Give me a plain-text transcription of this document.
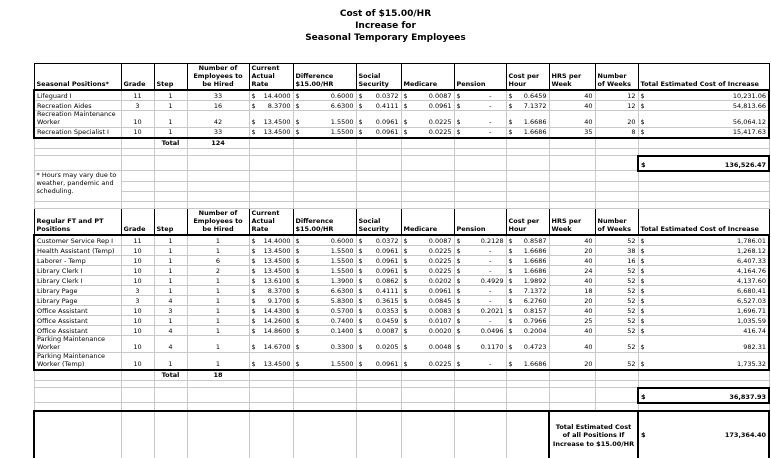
Cost of $15.00/HR
Increase for
Seasonal Temporary Employees
Seasonal Positions*	Grade	Step	Number of Employees to be Hired	Current Actual Rate	Difference $15.00/HR	Social Security	Medicare	Pension	Cost per Hour	HRS per Week	Number of Weeks	Total Estimated Cost of Increase
Lifeguard I	11	1	33	$ 14.4000	$ 0.6000	$ 0.0372	$ 0.0087	$ -	$ 0.6459	40	12	$ 10,231.06

Recreation Aides	3	1	16	$ 8.3700	$ 6.6300	$ 0.4111	$ 0.0961	$ -	$ 7.1372	40	12	$ 54,813.66

Recreation Maintenance Worker	10	1	42	$ 13.4500	$ 1.5500	$ 0.0961	$ 0.0225	$ -	$ 1.6686	40	20	$ 56,064.12

Recreation Specialist I	10	1	33	$ 13.4500	$ 1.5500	$ 0.0961	$ 0.0225	$ -	$ 1.6686	35	8	$ 15,417.63

		Total	124									

												$ 136,526.47

* Hours may vary due to weather, pandemic and scheduling.												

Regular FT and PT Positions	Grade	Step	Number of Employees to be Hired	Current Actual Rate	Difference $15.00/HR	Social Security	Medicare	Pension	Cost per Hour	HRS per Week	Number of Weeks	Total Estimated Cost of Increase
Customer Service Rep I	11	1	1	$ 14.4000	$ 0.6000	$ 0.0372	$ 0.0087	$ 0.2128	$ 0.8587	40	52	$ 1,786.01

Health Assistant (Temp)	10	1	1	$ 13.4500	$ 1.5500	$ 0.0961	$ 0.0225	$ -	$ 1.6686	20	38	$ 1,268.12

Laborer - Temp	10	1	6	$ 13.4500	$ 1.5500	$ 0.0961	$ 0.0225	$ -	$ 1.6686	40	16	$ 6,407.33

Library Clerk I	10	1	2	$ 13.4500	$ 1.5500	$ 0.0961	$ 0.0225	$ -	$ 1.6686	24	52	$ 4,164.76

Library Clerk I	10	1	1	$ 13.6100	$ 1.3900	$ 0.0862	$ 0.0202	$ 0.4929	$ 1.9892	40	52	$ 4,137.60

Library Page	3	1	1	$ 8.3700	$ 6.6300	$ 0.4111	$ 0.0961	$ -	$ 7.1372	18	52	$ 6,680.41

Library Page	3	4	1	$ 9.1700	$ 5.8300	$ 0.3615	$ 0.0845	$ -	$ 6.2760	20	52	$ 6,527.03

Office Assistant	10	3	1	$ 14.4300	$ 0.5700	$ 0.0353	$ 0.0083	$ 0.2021	$ 0.8157	40	52	$ 1,696.71

Office Assistant	10	1	1	$ 14.2600	$ 0.7400	$ 0.0459	$ 0.0107	$ -	$ 0.7966	25	52	$ 1,035.59

Office Assistant	10	4	1	$ 14.8600	$ 0.1400	$ 0.0087	$ 0.0020	$ 0.0496	$ 0.2004	40	52	$ 416.74

Parking Maintenance Worker	10	4	1	$ 14.6700	$ 0.3300	$ 0.0205	$ 0.0048	$ 0.1170	$ 0.4723	40	52	$ 982.31

Parking Maintenance Worker (Temp)	10	1	1	$ 13.4500	$ 1.5500	$ 0.0961	$ 0.0225	$ -	$ 1.6686	20	52	$ 1,735.32

		Total	18									

												$ 36,837.93

										Total Estimated Cost of all Positions If Increase to $15.00/HR		$ 173,364.40
